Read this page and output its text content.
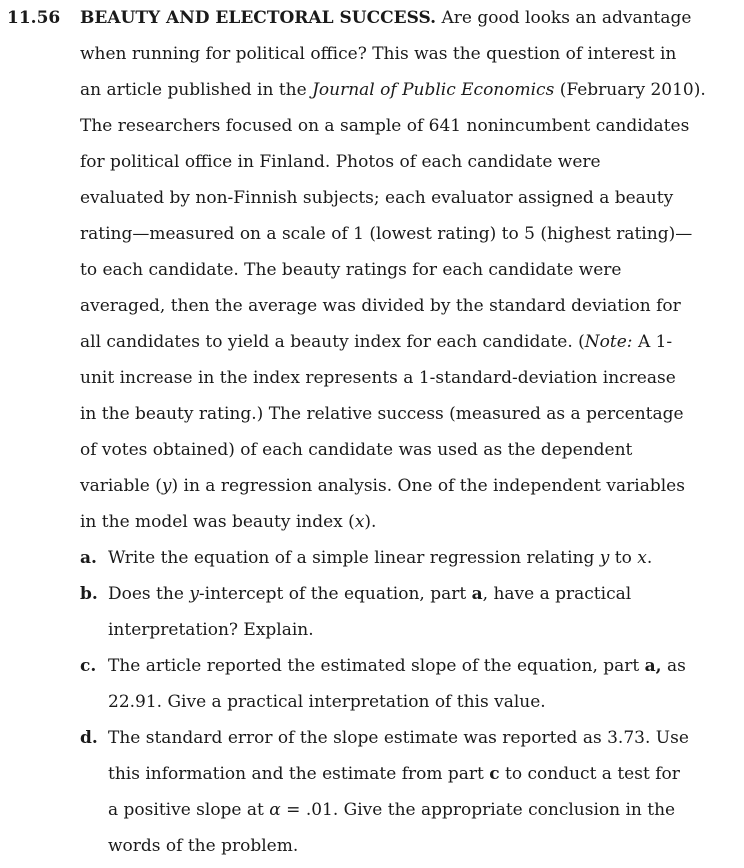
11.56 BEAUTY AND ELECTORAL SUCCESS. Are good looks an advantage
when running for political office? This was the question of interest in
an article published in the Journal of Public Economics (February 2010).
The researchers focused on a sample of 641 nonincumbent candidates
for political office in Finland. Photos of each candidate were
evaluated by non-Finnish subjects; each evaluator assigned a beauty
rating—measured on a scale of 1 (lowest rating) to 5 (highest rating)—
to each candidate. The beauty ratings for each candidate were
averaged, then the average was divided by the standard deviation for
all candidates to yield a beauty index for each candidate. (Note: A 1-
unit increase in the index represents a 1-standard-deviation increase
in the beauty rating.) The relative success (measured as a percentage
of votes obtained) of each candidate was used as the dependent
variable (y) in a regression analysis. One of the independent variables
in the model was beauty index (x).
a. Write the equation of a simple linear regression relating y to x.
b. Does the y-intercept of the equation, part a, have a practical
interpretation? Explain.
c. The article reported the estimated slope of the equation, part a, as
22.91. Give a practical interpretation of this value.
d. The standard error of the slope estimate was reported as 3.73. Use
this information and the estimate from part c to conduct a test for
a positive slope at α = .01. Give the appropriate conclusion in the
words of the problem.
